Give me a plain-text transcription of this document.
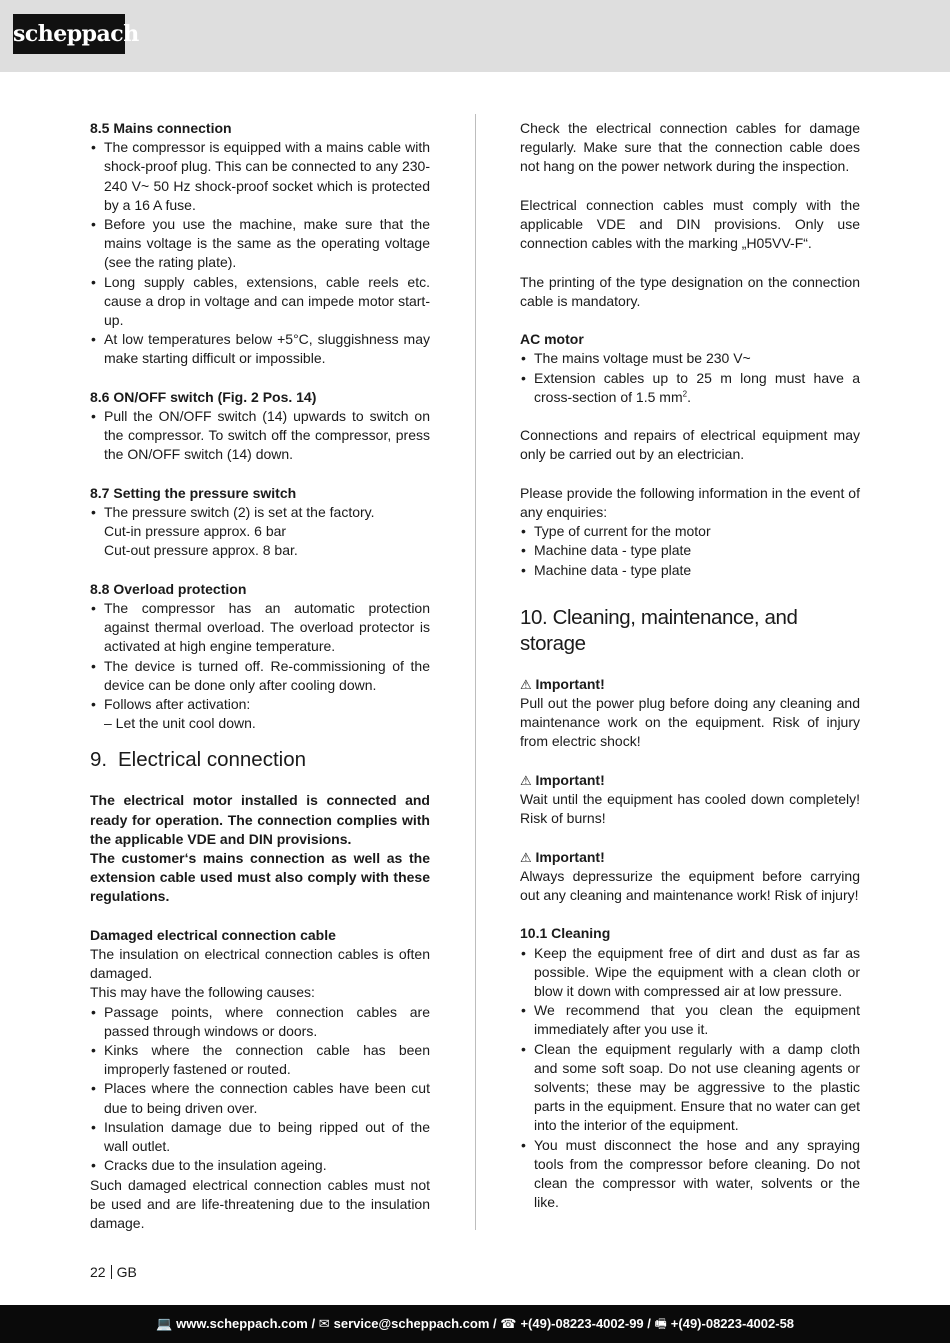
scheppach

8.5 Mains connection

• The compressor is equipped with a mains cable with shock-proof plug. This can be connected to any 230-240 V~ 50 Hz shock-proof socket which is protected by a 16 A fuse.
• Before you use the machine, make sure that the mains voltage is the same as the operating voltage (see the rating plate).
• Long supply cables, extensions, cable reels etc. cause a drop in voltage and can impede motor start-up.
• At low temperatures below +5°C, sluggishness may make starting difficult or impossible.

8.6 ON/OFF switch (Fig. 2 Pos. 14)

• Pull the ON/OFF switch (14) upwards to switch on the compressor. To switch off the compressor, press the ON/OFF switch (14) down.

8.7 Setting the pressure switch

• The pressure switch (2) is set at the factory.
Cut-in pressure approx. 6 bar
Cut-out pressure approx. 8 bar.

8.8 Overload protection

• The compressor has an automatic protection against thermal overload. The overload protector is activated at high engine temperature.
• The device is turned off. Re-commissioning of the device can be done only after cooling down.
• Follows after activation:
– Let the unit cool down.
9. Electrical connection

The electrical motor installed is connected and ready for operation. The connection complies with the applicable VDE and DIN provisions.

The customer‘s mains connection as well as the extension cable used must also comply with these regulations.

Damaged electrical connection cable

The insulation on electrical connection cables is often damaged.

This may have the following causes:

• Passage points, where connection cables are passed through windows or doors.
• Kinks where the connection cable has been improperly fastened or routed.
• Places where the connection cables have been cut due to being driven over.
• Insulation damage due to being ripped out of the wall outlet.
• Cracks due to the insulation ageing.

Such damaged electrical connection cables must not be used and are life-threatening due to the insulation damage.

Check the electrical connection cables for damage regularly. Make sure that the connection cable does not hang on the power network during the inspection.

Electrical connection cables must comply with the applicable VDE and DIN provisions. Only use connection cables with the marking „H05VV-F“.

The printing of the type designation on the connection cable is mandatory.

AC motor

• The mains voltage must be 230 V~
• Extension cables up to 25 m long must have a cross-section of 1.5 $mm^2$.

Connections and repairs of electrical equipment may only be carried out by an electrician.

Please provide the following information in the event of any enquiries:

• Type of current for the motor
• Machine data - type plate
• Machine data - type plate
10. Cleaning, maintenance, and storage

⚠ Important!

Pull out the power plug before doing any cleaning and maintenance work on the equipment. Risk of injury from electric shock!

⚠ Important!

Wait until the equipment has cooled down completely! Risk of burns!

⚠ Important!

Always depressurize the equipment before carrying out any cleaning and maintenance work! Risk of injury!

10.1 Cleaning

• Keep the equipment free of dirt and dust as far as possible. Wipe the equipment with a clean cloth or blow it down with compressed air at low pressure.
• We recommend that you clean the equipment immediately after you use it.
• Clean the equipment regularly with a damp cloth and some soft soap. Do not use cleaning agents or solvents; these may be aggressive to the plastic parts in the equipment. Ensure that no water can get into the interior of the equipment.
• You must disconnect the hose and any spraying tools from the compressor before cleaning. Do not clean the compressor with water, solvents or the like.
22 GB
💻 www.scheppach.com / ✉ service@scheppach.com / ☎ +(49)-08223-4002-99 / 🖷 +(49)-08223-4002-58
